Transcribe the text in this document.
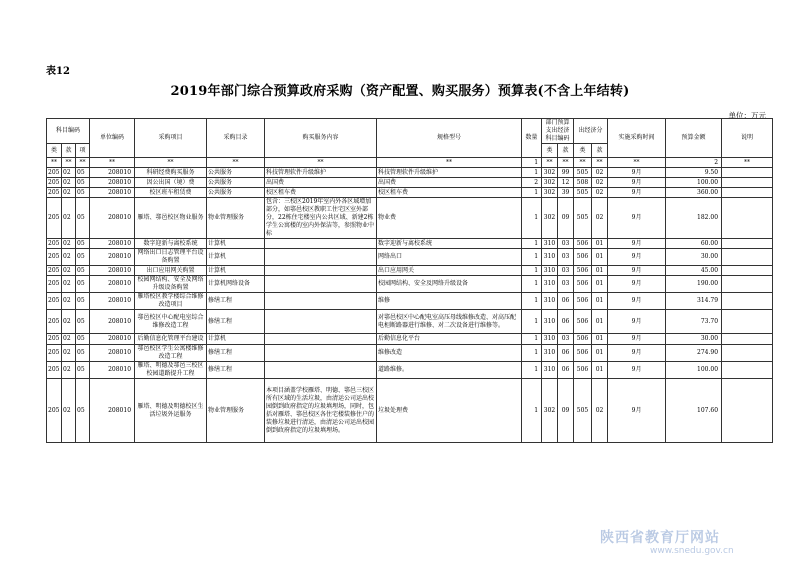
表12
2019年部门综合预算政府采购（资产配置、购买服务）预算表(不含上年结转)
单位：万元
科目编码			单位编码	采购项目	采购目录	购买服务内容	规格型号	数量	部门预算支出经济科目编码		出经济分		实施采购时间	预算金额	说明
类	款	项							类	款	类	款			
**	**	**	**	**	**	**	**	1	**	**	**	**	**	2	**
205	02	05	208010	科研经费购买服务	公共服务	科技管理软件升级维护	科技管理软件升级维护	1	302	99	505	02	9月	9.50	
205	02	05	208010	因公出国（境）费	公共服务	出国费	出国费	2	302	12	508	02	9月	100.00	
205	02	05	208010	校区班车租赁费	公共服务	校区租车费	校区租车费	1	302	39	505	02	9月	360.00	
205	02	05	208010	雁塔、鄠邑校区物业服务	物业管理服务	包含：三校区2019年室内外各区域增加部分，如鄠邑校区教职工住宅区室外部分，22栋住宅楼室内公共区域、新建2栋学生公寓楼的室内外保洁等，参照物业中标	物业费	1	302	09	505	02	9月	182.00	
205	02	05	208010	数字迎新与离校系统	计算机		数字迎新与离校系统	1	310	03	506	01	9月	60.00	
205	02	05	208010	网络出口日志管理平台设备购置	计算机		网络出口	1	310	03	506	01	9月	30.00	
205	02	05	208010	出口应用网关购置	计算机		出口应用网关	1	310	03	506	01	9月	45.00	
205	02	05	208010	校园网结构、安全及网络升级设备购置	计算机网络设备		校园网结构、安全及网络升级设备	1	310	03	506	01	9月	190.00	
205	02	05	208010	雁塔校区教学楼综合维修改造项目	修缮工程		维修	1	310	06	506	01	9月	314.79	
205	02	05	208010	鄠邑校区中心配电室综合维修改造工程	修缮工程		对鄠邑校区中心配电室高压母线维修改造、对高压配电柜断路器进行维修、对二次设备进行维修等。	1	310	06	506	01	9月	73.70	
205	02	05	208010	后勤信息化管理平台建设	计算机		后勤信息化平台	1	310	03	506	01	9月	30.00	
205	02	05	208010	鄠邑校区学生公寓楼维修改造工程	修缮工程		维修改造	1	310	06	506	01	9月	274.90	
205	02	05	208010	雁塔、明德及鄠邑三校区校园道路提升工程	修缮工程		道路维修。	1	310	06	506	01	9月	100.00	
205	02	05	208010	雁塔、明德及明德校区生活垃圾外运服务	物业管理服务	本项目涵盖学校雁塔、明德、鄠邑三校区所有区域的生活垃圾，由清运公司运出校园倒到政府指定的垃圾填埋场，同时，包括对雁塔、鄠邑校区各住宅楼装修住户的装修垃圾进行清运，由清运公司运出校园倒到政府指定的垃圾填埋场。	垃圾处理费	1	302	09	505	02	9月	107.60	
陕西省教育厅网站
www.snedu.gov.cn
